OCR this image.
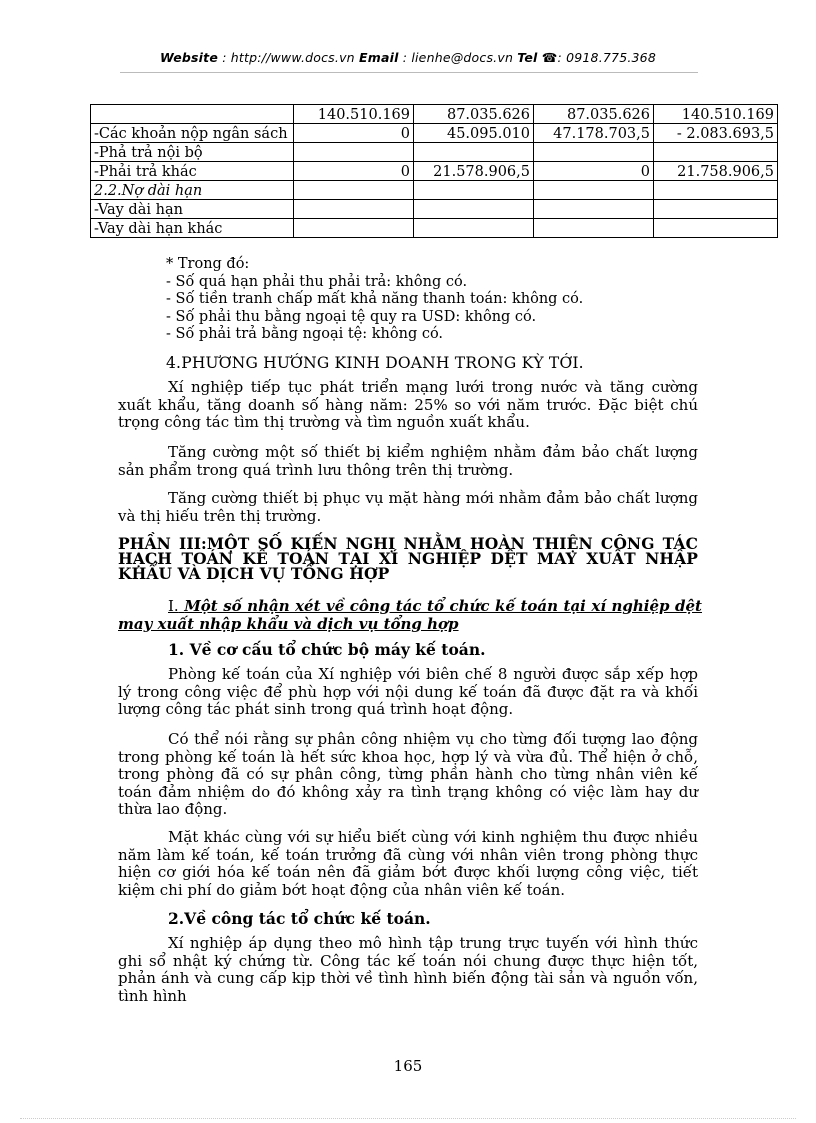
Website : http://www.docs.vn Email : lienhe@docs.vn Tel ☎: 0918.775.368
	140.510.169	87.035.626	87.035.626	140.510.169
-Các khoản nộp ngân sách	0	45.095.010	47.178.703,5	- 2.083.693,5
-Phả trả nội bộ				
-Phải trả khác	0	21.578.906,5	0	21.758.906,5
2.2.Nợ dài hạn				
-Vay dài hạn				
-Vay dài hạn khác				
* Trong đó:
- Số quá hạn phải thu phải trả: không có.
- Số tiền tranh chấp mất khả năng thanh toán: không có.
- Số phải thu bằng ngoại tệ quy ra USD: không có.
- Số phải trả bằng ngoại tệ: không có.
4.PHƯƠNG HƯỚNG KINH DOANH TRONG KỲ TỚI.
Xí nghiệp tiếp tục phát triển mạng lưới trong nước và tăng cường xuất khẩu, tăng doanh số hàng năm: 25% so với năm trước. Đặc biệt chú trọng công tác tìm thị trường và tìm nguồn xuất khẩu.
Tăng cường một số thiết bị kiểm nghiệm nhằm đảm bảo chất lượng sản phẩm trong quá trình lưu thông trên thị trường.
Tăng cường thiết bị phục vụ mặt hàng mới nhằm đảm bảo chất lượng và thị hiếu trên thị trường.
PHẦN III:MỘT SỐ KIẾN NGHỊ NHẰM HOÀN THIỆN CÔNG TÁC HẠCH TOÁN KẾ TOÁN TẠI XÍ NGHIỆP DỆT MAY XUẤT NHẬP KHẨU VÀ DỊCH VỤ TỔNG HỢP
I. Một số nhận xét về công tác tổ chức kế toán tại xí nghiệp dệt may xuất nhập khẩu và dịch vụ tổng hợp
1. Về cơ cấu tổ chức bộ máy kế toán.
Phòng kế toán của Xí nghiệp với biên chế 8 người được sắp xếp hợp lý trong công việc để phù hợp với nội dung kế toán đã được đặt ra và khối lượng công tác phát sinh trong quá trình hoạt động.
Có thể nói rằng sự phân công nhiệm vụ cho từng đối tượng lao động trong phòng kế toán là hết sức khoa học, hợp lý và vừa đủ. Thể hiện ở chỗ, trong phòng đã có sự phân công, từng phần hành cho từng nhân viên kế toán đảm nhiệm do đó không xảy ra tình trạng không có việc làm hay dư thừa lao động.
Mặt khác cùng với sự hiểu biết cùng với kinh nghiệm thu được nhiều năm làm kế toán, kế toán trưởng đã cùng với nhân viên trong phòng thực hiện cơ giới hóa kế toán nên đã giảm bớt được khối lượng công việc, tiết kiệm chi phí do giảm bớt hoạt động của nhân viên kế toán.
2.Về công tác tổ chức kế toán.
Xí nghiệp áp dụng theo mô hình tập trung trực tuyến với hình thức ghi sổ nhật ký chứng từ. Công tác kế toán nói chung được thực hiện tốt, phản ánh và cung cấp kịp thời về tình hình biến động tài sản và nguồn vốn, tình hình
165
